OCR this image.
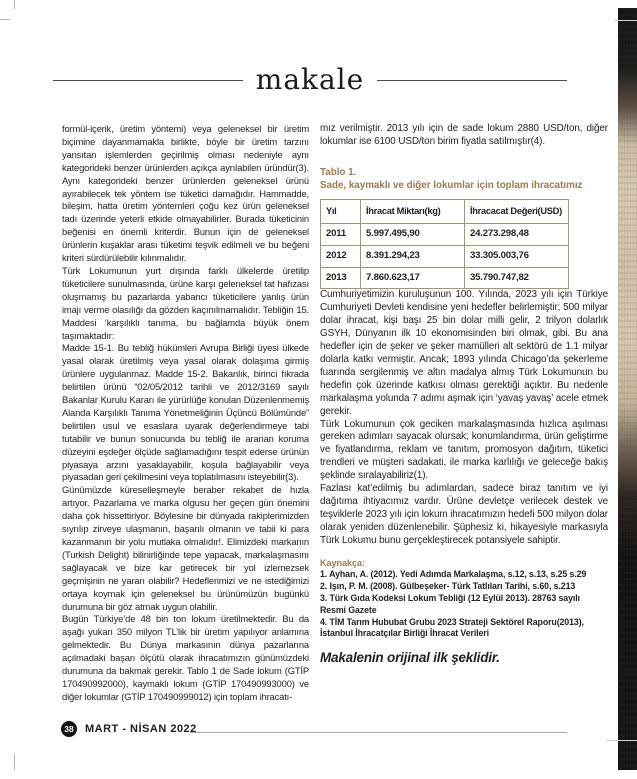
makale

formül-içerik, üretim yöntemi) veya geleneksel bir üretim biçimine dayanmamakla birlikte, böyle bir üretim tarzını yansıtan işlemlerden geçirilmiş olması nedeniyle aynı kategorideki benzer ürünlerden açıkça ayrılabilen üründür(3). Aynı kategorideki benzer ürünlerden geleneksel ürünü ayırabilecek tek yöntem ise tüketici damağıdır. Hammadde, bileşim, hatta üretim yöntemleri çoğu kez ürün geleneksel tadı üzerinde yeterli etkide olmayabilirler. Burada tüketicinin beğenisi en önemli kriterdir. Bunun için de geleneksel ürünlerin kuşaklar arası tüketimi teşvik edilmeli ve bu beğeni kriteri sürdürülebilir kılınmalıdır.

Türk Lokumunun yurt dışında farklı ülkelerde üretilip tüketicilere sunulmasında, ürüne karşı geleneksel tat hafızası oluşmamış bu pazarlarda yabancı tüketicilere yanlış ürün imajı verme olasılığı da gözden kaçınılmamalıdır. Tebliğin 15. Maddesi ‘karşılıklı tanıma, bu bağlamda büyük önem taşımaktadır:

Madde 15-1. Bu tebliğ hükümleri Avrupa Birliği üyesi ülkede yasal olarak üretilmiş veya yasal olarak dolaşıma girmiş ürünlere uygulanmaz. Madde 15-2. Bakanlık, birinci fıkrada belirtilen ürünü “02/05/2012 tarihli ve 2012/3169 sayılı Bakanlar Kurulu Kararı ile yürürlüğe konulan Düzenlenmemiş Alanda Karşılıklı Tanıma Yönetmeliğinin Üçüncü Bölümünde” belirtilen usul ve esaslara uyarak değerlendirmeye tabi tutabilir ve bunun sonucunda bu tebliğ ile aranan koruma düzeyini eşdeğer ölçüde sağlamadığını tespit ederse ürünün piyasaya arzını yasaklayabilir, koşula bağlayabilir veya piyasadan geri çekilmesini veya toplatılmasını isteyebilir(3).

Günümüzde küreselleşmeyle beraber rekabet de hızla artıyor. Pazarlama ve marka olgusu her geçen gün önemini daha çok hissettiriyor. Böylesine bir dünyada rakiplerimizden sıyrılıp zirveye ulaşmanın, başarılı olmanın ve tabii ki para kazanmanın bir yolu mutlaka olmalıdır!. Elimizdeki markanın (Turkish Delight) bilinirliğinde tepe yapacak, markalaşmasını sağlayacak ve bize kar getirecek bir yol izlemezsek geçmişinin ne yararı olabilir? Hedeflerimizi ve ne istediğimizi ortaya koymak için geleneksel bu ürünümüzün bugünkü durumuna bir göz atmak uygun olabilir.

Bugün Türkiye’de 48 bin ton lokum üretilmektedir. Bu da aşağı yukarı 350 milyon TL’lik bir üretim yapılıyor anlamına gelmektedir. Bu Dünya markasının dünya pazarlarına açılmadaki başarı ölçütü olarak ihracatımızın günümüzdeki durumuna da bakmak gerekir. Tablo 1 de Sade lokum (GTİP 170490992000), kaymaklı lokum (GTİP 170490993000) ve diğer lokumlar (GTİP 170490999012) için toplam ihracatı-

mız verilmiştir. 2013 yılı için de sade lokum 2880 USD/ton, diğer lokumlar ise 6100 USD/ton birim fiyatla satılmıştır(4).

Tablo 1.
Sade, kaymaklı ve diğer lokumlar için toplam ihracatımız
Yıl	İhracat Miktarı(kg)	İhracacat Değeri(USD)
2011	5.997.495,90	24.273.298,48
2012	8.391.294,23	33.305.003,76
2013	7.860.623,17	35.790.747,82

Cumhuriyetimizin kuruluşunun 100. Yılında, 2023 yılı için Türkiye Cumhuriyeti Devleti kendisine yeni hedefler belirlemiştir; 500 milyar dolar ihracat, kişi başı 25 bin dolar milli gelir, 2 trilyon dolarlık GSYH, Dünyanın ilk 10 ekonomisinden biri olmak, gibi. Bu ana hedefler için de şeker ve şeker mamülleri alt sektörü de 1.1 milyar dolarla katkı vermiştir. Ancak; 1893 yılında Chicago’da şekerleme fuarında sergilenmiş ve altın madalya almış Türk Lokumunun bu hedefin çok üzerinde katkısı olması gerektiği açıktır. Bu nedenle markalaşma yolunda 7 adımı aşmak için ‘yavaş yavaş’ acele etmek gerekir.

Türk Lokumunun çok geciken markalaşmasında hızlıca aşılması gereken adımları sayacak olursak; konumlandırma, ürün geliştirme ve fiyatlandırma, reklam ve tanıtım, promosyon dağıtım, tüketici trendleri ve müşteri sadakati, ile marka karlılığı ve geleceğe bakış şeklinde sıralayabiliriz(1).

Fazlası kat’edilmiş bu adımlardan, sadece biraz tanıtım ve iyi dağıtıma ihtiyacımız vardır. Ürüne devletçe verilecek destek ve teşviklerle 2023 yılı için lokum ihracatımızın hedefi 500 milyon dolar olarak yeniden düzenlenebilir. Şüphesiz ki, hikayesiyle markasıyla Türk Lokumu bunu gerçekleştirecek potansiyele sahiptir.

Kaynakça:

1. Ayhan, A. (2012). Yedi Adımda Markalaşma, s.12, s.13, s.25 s.29

2. Işın, P. M. (2008). Gülbeşeker- Türk Tatlıları Tarihi, s.60, s.213

3. Türk Gıda Kodeksi Lokum Tebliği (12 Eylül 2013). 28763 sayılı Resmi Gazete

4. TİM Tarım Hububat Grubu 2023 Strateji Sektörel Raporu(2013), İstanbul İhracatçılar Birliği İhracat Verileri

Makalenin orijinal ilk şeklidir.
38 MART - NİSAN 2022
